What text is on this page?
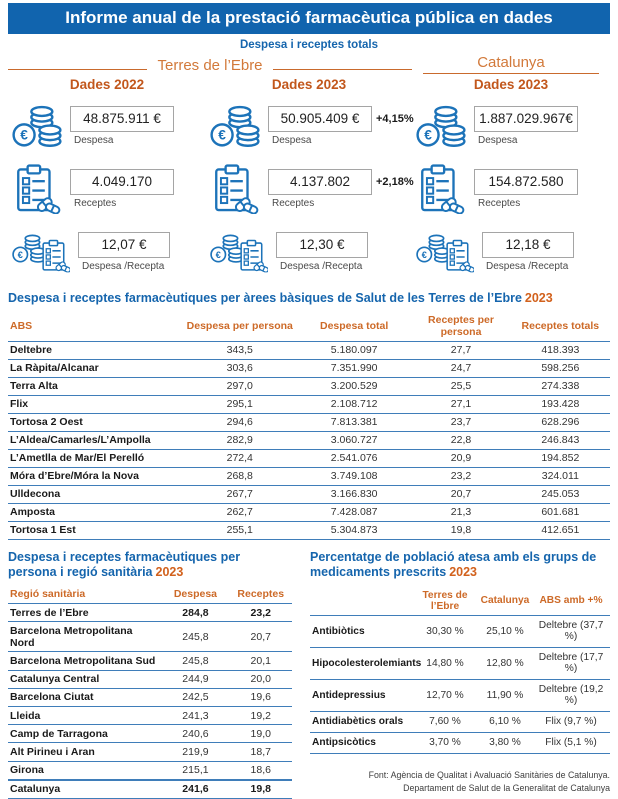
Informe anual de la prestació farmacèutica pública en dades
Despesa i receptes totals
Terres de l’Ebre	Catalunya
Dades 2022	Dades 2023	Dades 2023
48.875.911 €
Despesa
50.905.409 €	+4,15%
Despesa
1.887.029.967€
Despesa
4.049.170
Receptes
4.137.802	+2,18%
Receptes
154.872.580
Receptes
12,07 €
Despesa /Recepta
12,30 €
Despesa /Recepta
12,18 €
Despesa /Recepta
Despesa i receptes farmacèutiques per àrees bàsiques de Salut de les Terres de l’Ebre 2023
ABS	Despesa per persona	Despesa total	Receptes per persona	Receptes totals
Deltebre	343,5	5.180.097	27,7	418.393
La Ràpita/Alcanar	303,6	7.351.990	24,7	598.256
Terra Alta	297,0	3.200.529	25,5	274.338
Flix	295,1	2.108.712	27,1	193.428
Tortosa 2 Oest	294,6	7.813.381	23,7	628.296
L’Aldea/Camarles/L’Ampolla	282,9	3.060.727	22,8	246.843
L’Ametlla de Mar/El Perelló	272,4	2.541.076	20,9	194.852
Móra d’Ebre/Móra la Nova	268,8	3.749.108	23,2	324.011
Ulldecona	267,7	3.166.830	20,7	245.053
Amposta	262,7	7.428.087	21,3	601.681
Tortosa 1 Est	255,1	5.304.873	19,8	412.651
Despesa i receptes farmacèutiques per persona i regió sanitària 2023
Regió sanitària	Despesa	Receptes
Terres de l’Ebre	284,8	23,2
Barcelona Metropolitana Nord	245,8	20,7
Barcelona Metropolitana Sud	245,8	20,1
Catalunya Central	244,9	20,0
Barcelona Ciutat	242,5	19,6
Lleida	241,3	19,2
Camp de Tarragona	240,6	19,0
Alt Pirineu i Aran	219,9	18,7
Girona	215,1	18,6
Catalunya	241,6	19,8
Percentatge de població atesa amb els grups de medicaments prescrits 2023
	Terres de l’Ebre	Catalunya	ABS amb +%
Antibiòtics	30,30 %	25,10 %	Deltebre (37,7 %)
Hipocolesterolemiants	14,80 %	12,80 %	Deltebre (17,7 %)
Antidepressius	12,70 %	11,90 %	Deltebre (19,2 %)
Antidiabètics orals	7,60 %	6,10 %	Flix (9,7 %)
Antipsicòtics	3,70 %	3,80 %	Flix (5,1 %)
Font: Agència de Qualitat i Avaluació Sanitàries de Catalunya.
Departament de Salut de la Generalitat de Catalunya
